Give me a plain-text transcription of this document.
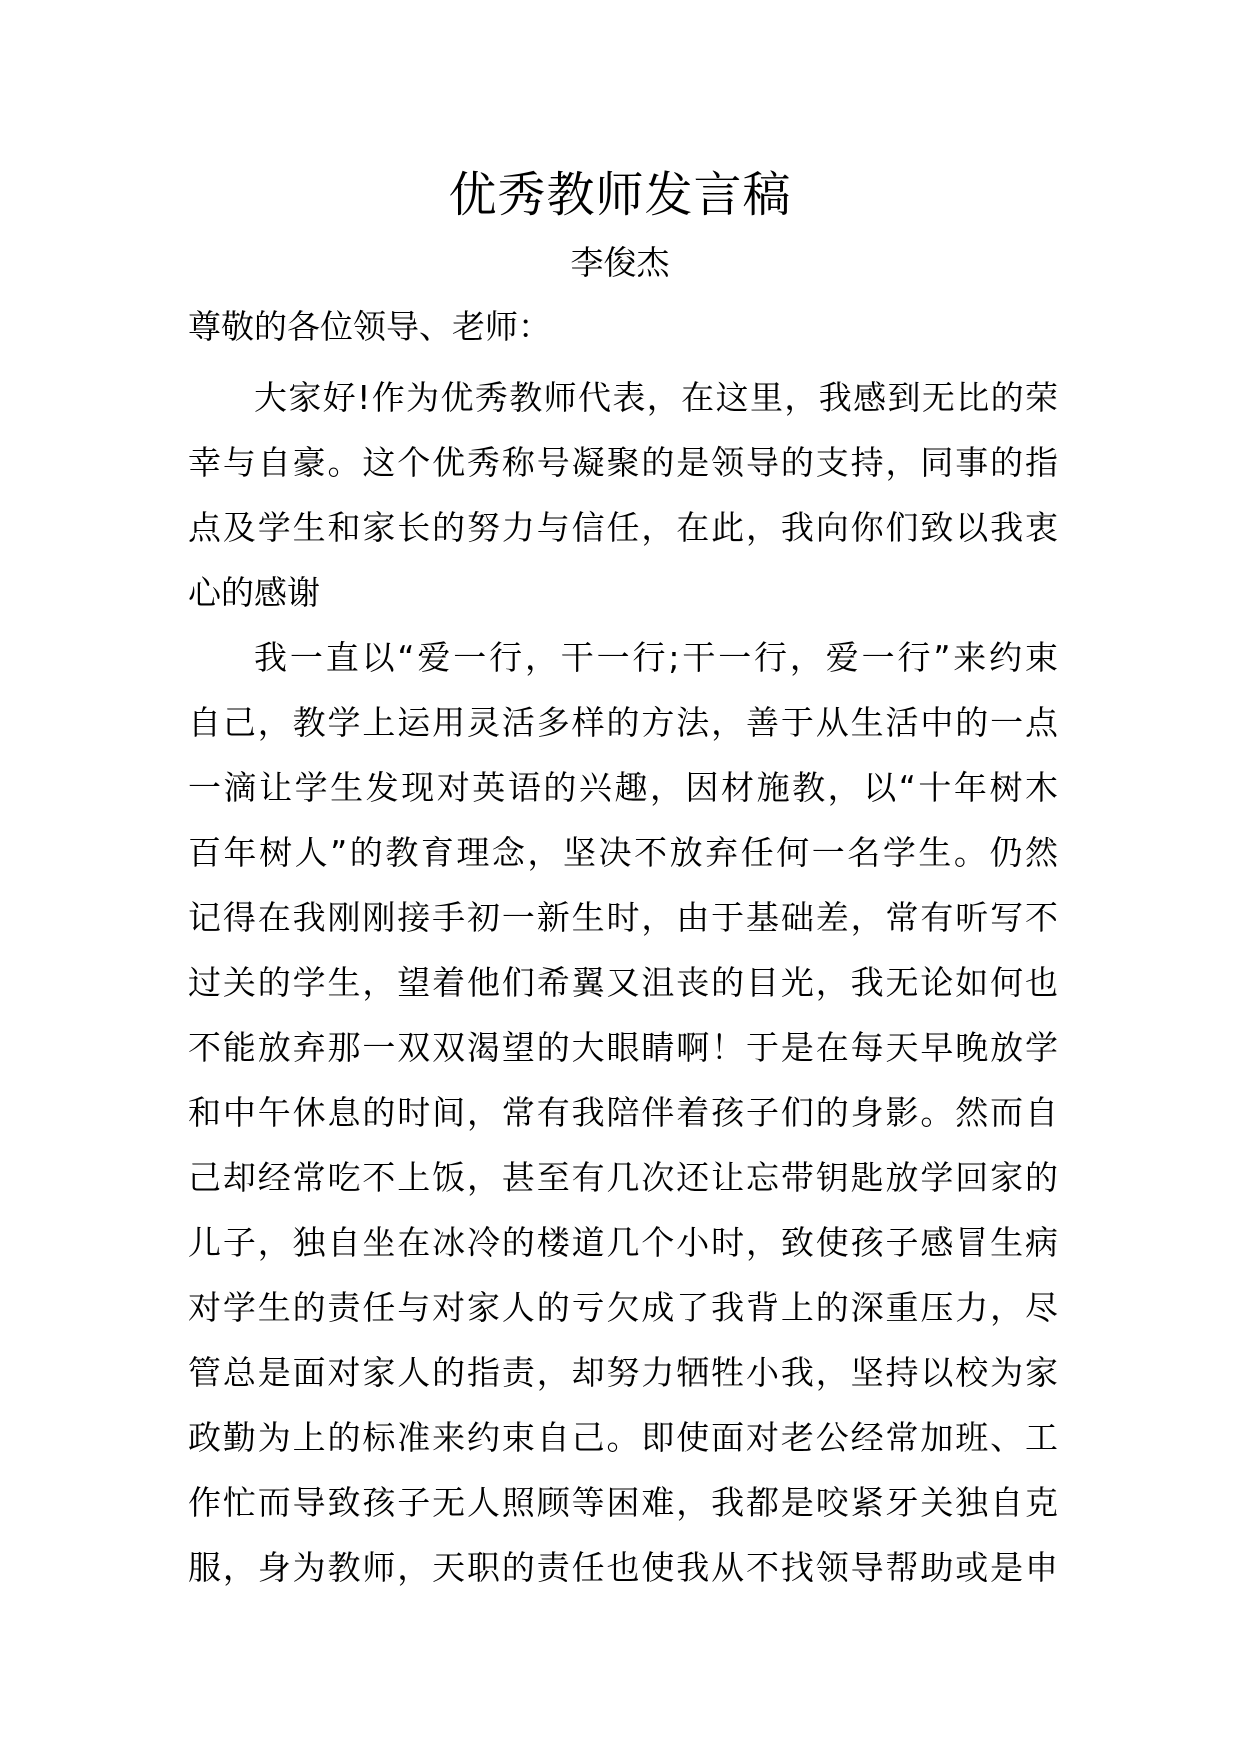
优秀教师发言稿

李俊杰

尊敬的各位领导、老师：

大家好!作为优秀教师代表，在这里，我感到无比的荣
幸与自豪。这个优秀称号凝聚的是领导的支持，同事的指
点及学生和家长的努力与信任，在此，我向你们致以我衷
心的感谢
我一直以“爱一行，干一行;干一行，爱一行”来约束
自己，教学上运用灵活多样的方法，善于从生活中的一点
一滴让学生发现对英语的兴趣，因材施教，以“十年树木
百年树人”的教育理念，坚决不放弃任何一名学生。仍然
记得在我刚刚接手初一新生时，由于基础差，常有听写不
过关的学生，望着他们希翼又沮丧的目光，我无论如何也
不能放弃那一双双渴望的大眼睛啊！于是在每天早晚放学
和中午休息的时间，常有我陪伴着孩子们的身影。然而自
己却经常吃不上饭，甚至有几次还让忘带钥匙放学回家的
儿子，独自坐在冰冷的楼道几个小时，致使孩子感冒生病
对学生的责任与对家人的亏欠成了我背上的深重压力，尽
管总是面对家人的指责，却努力牺牲小我，坚持以校为家
政勤为上的标准来约束自己。即使面对老公经常加班、工
作忙而导致孩子无人照顾等困难，我都是咬紧牙关独自克
服，身为教师，天职的责任也使我从不找领导帮助或是申
